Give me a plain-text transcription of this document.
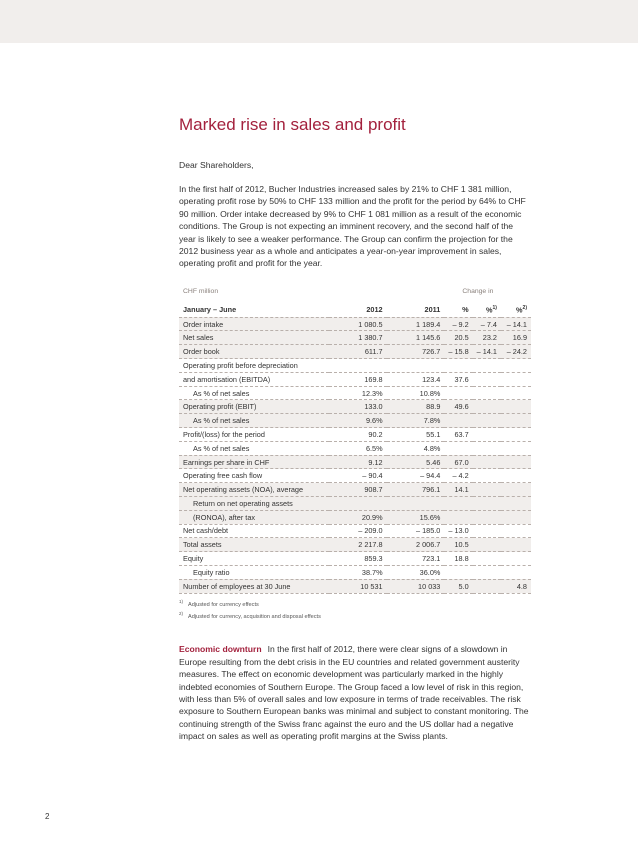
Marked rise in sales and profit
Dear Shareholders,

In the first half of 2012, Bucher Industries increased sales by 21% to CHF 1 381 million, operating profit rose by 50% to CHF 133 million and the profit for the period by 64% to CHF 90 million. Order intake decreased by 9% to CHF 1 081 million as a result of the economic conditions. The Group is not expecting an imminent recovery, and the second half of the year is likely to see a weaker performance. The Group can confirm the projection for the 2012 business year as a whole and anticipates a year-on-year improvement in sales, operating profit and profit for the year.

CHF million			Change in		
January – June	2012	2011	%	%$^{1)}$	%$^{2)}$
Order intake	1 080.5	1 189.4	– 9.2	– 7.4	– 14.1
Net sales	1 380.7	1 145.6	20.5	23.2	16.9
Order book	611.7	726.7	– 15.8	– 14.1	– 24.2
Operating profit before depreciation					
and amortisation (EBITDA)	169.8	123.4	37.6		
As % of net sales	12.3%	10.8%			
Operating profit (EBIT)	133.0	88.9	49.6		
As % of net sales	9.6%	7.8%			
Profit/(loss) for the period	90.2	55.1	63.7		
As % of net sales	6.5%	4.8%			
Earnings per share in CHF	9.12	5.46	67.0		
Operating free cash flow	– 90.4	– 94.4	– 4.2		
Net operating assets (NOA), average	908.7	796.1	14.1		
Return on net operating assets					
(RONOA), after tax	20.9%	15.6%			
Net cash/debt	– 209.0	– 185.0	– 13.0		
Total assets	2 217.8	2 006.7	10.5		
Equity	859.3	723.1	18.8		
Equity ratio	38.7%	36.0%			
Number of employees at 30 June	10 531	10 033	5.0		4.8
$^{1)}$Adjusted for currency effects
$^{2)}$Adjusted for currency, acquisition and disposal effects

Economic downturn In the first half of 2012, there were clear signs of a slowdown in Europe resulting from the debt crisis in the EU countries and related government austerity measures. The effect on economic development was particularly marked in the highly indebted economies of Southern Europe. The Group faced a low level of risk in this region, with less than 5% of overall sales and low exposure in terms of trade receivables. The risk exposure to Southern European banks was minimal and subject to constant monitoring. The continuing strength of the Swiss franc against the euro and the US dollar had a negative impact on sales as well as operating profit margins at the Swiss plants.

2
